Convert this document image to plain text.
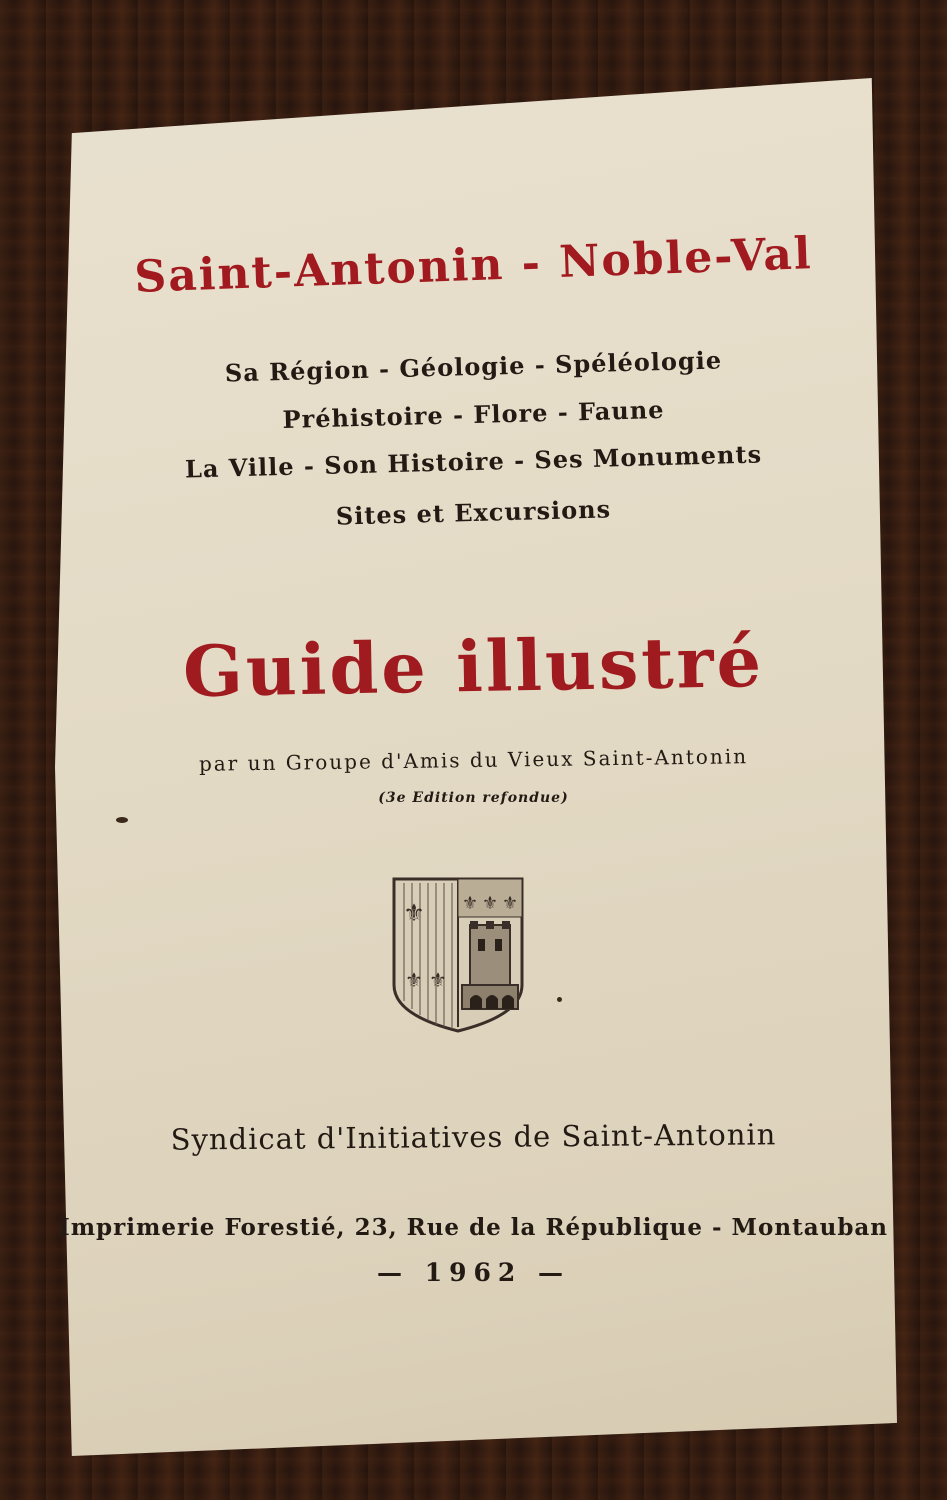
Saint-Antonin - Noble-Val

Sa Région - Géologie - Spéléologie

Préhistoire - Flore - Faune

La Ville - Son Histoire - Ses Monuments

Sites et Excursions

Guide illustré

par un Groupe d'Amis du Vieux Saint-Antonin

(3e Edition refondue)

⚜
⚜ ⚜
⚜ ⚜ ⚜

Syndicat d'Initiatives de Saint-Antonin

Imprimerie Forestié, 23, Rue de la République - Montauban

— 1962 —
